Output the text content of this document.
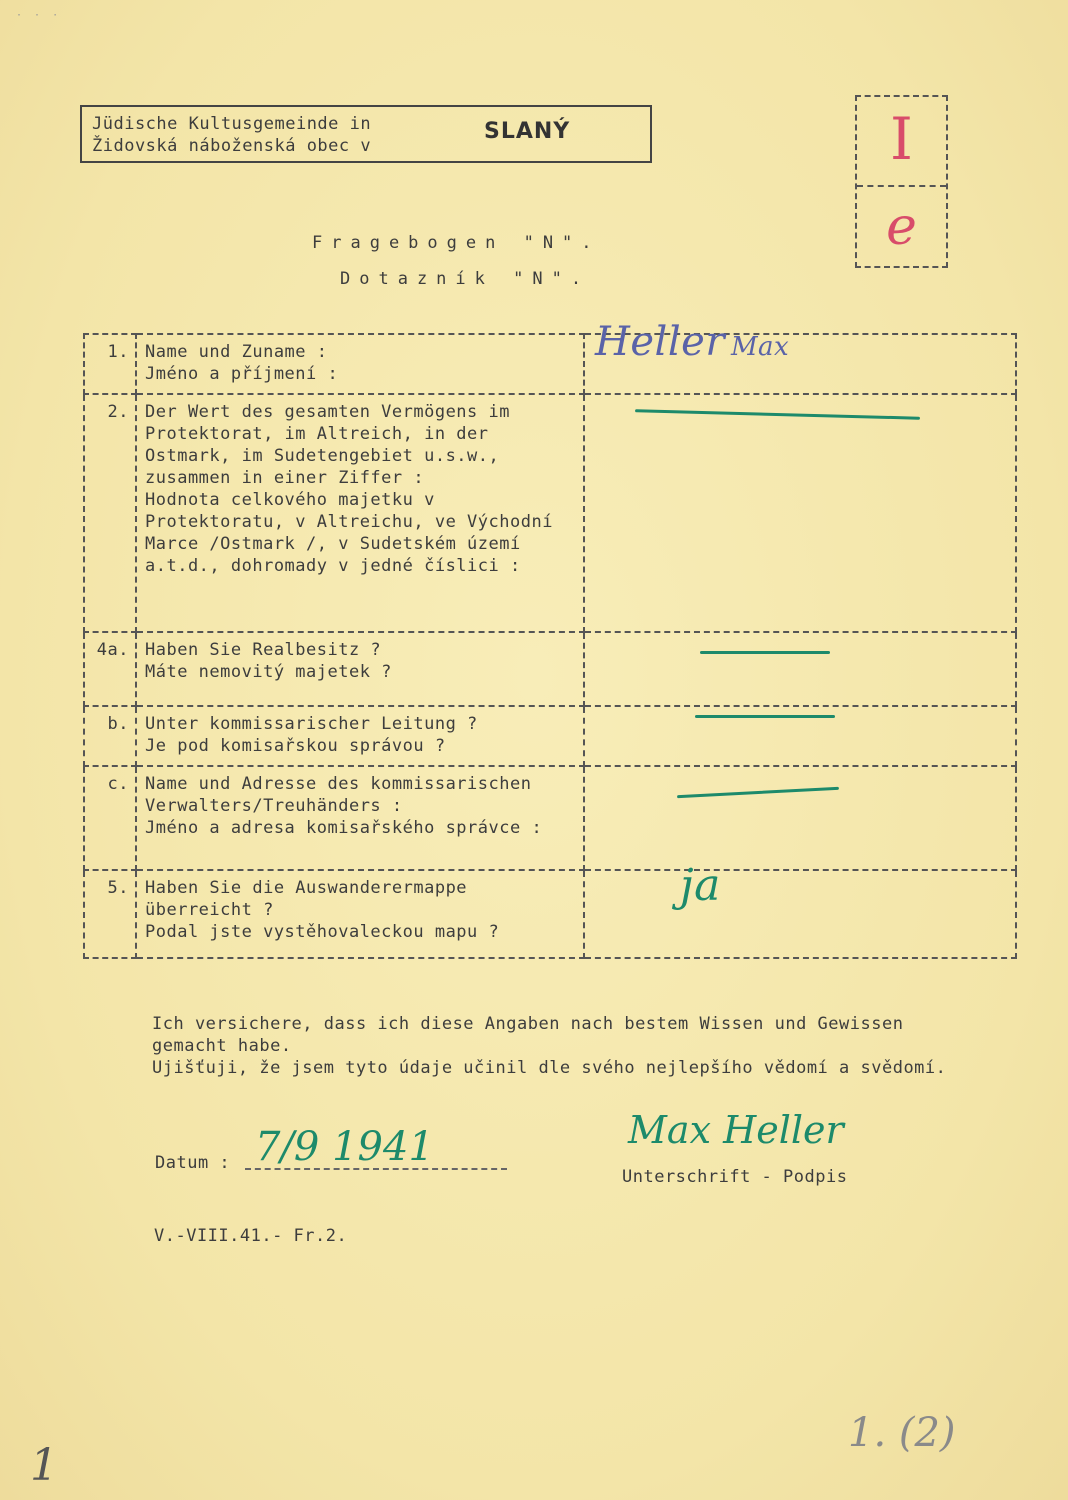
· · ·
Jüdische Kultusgemeinde in
Židovská náboženská obec v
SLANÝ	I
e
Fragebogen "N".
Dotazník "N".
1.	Name und Zuname :
Jméno a příjmení :	Heller Max

2.	Der Wert des gesamten Vermögens im Protektorat, im Altreich, in der Ostmark, im Sudetengebiet u.s.w., zusammen in einer Ziffer :
Hodnota celkového majetku v Protektoratu, v Altreichu, ve Východní Marce /Ostmark /, v Sudetském území a.t.d., dohromady v jedné číslici :	

4a.	Haben Sie Realbesitz ?
Máte nemovitý majetek ?	

b.	Unter kommissarischer Leitung ?
Je pod komisařskou správou ?	

c.	Name und Adresse des kommissarischen Verwalters/Treuhänders :
Jméno a adresa komisařského správce :	

5.	Haben Sie die Auswanderermappe überreicht ?
Podal jste vystěhovaleckou mapu ?	ja
Ich versichere, dass ich diese Angaben nach bestem Wissen und Gewissen gemacht habe.
Ujišťuji, že jsem tyto údaje učinil dle svého nejlepšího vědomí a svědomí.
Datum : 7/9 1941	Max Heller
Unterschrift - Podpis
V.-VIII.41.- Fr.2.
1. (2)
1
